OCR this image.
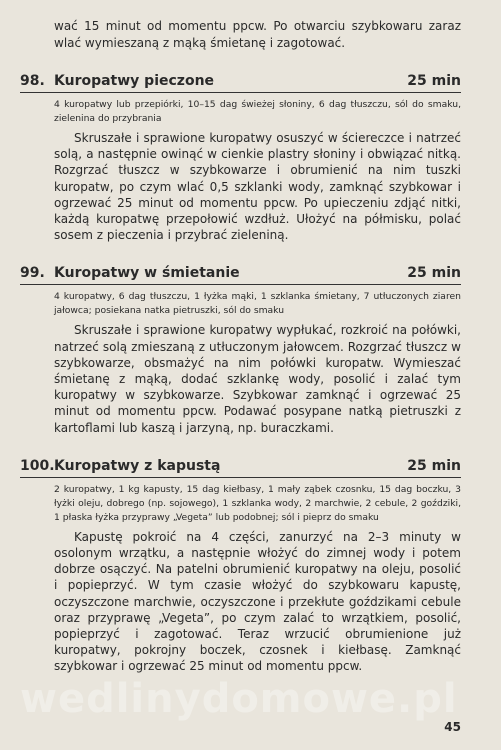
wać 15 minut od momentu ppcw. Po otwarciu szybkowaru zaraz wlać wymieszaną z mąką śmietanę i zagotować.
98. Kuropatwy pieczone	25 min
4 kuropatwy lub przepiórki, 10–15 dag świeżej słoniny, 6 dag tłuszczu, sól do smaku, zielenina do przybrania
Skruszałe i sprawione kuropatwy osuszyć w ściereczce i natrzeć solą, a następnie owinąć w cienkie plastry słoniny i obwiązać nitką. Rozgrzać tłuszcz w szybkowarze i obrumienić na nim tuszki kuropatw, po czym wlać 0,5 szklanki wody, zamknąć szybkowar i ogrzewać 25 minut od momentu ppcw. Po upieczeniu zdjąć nitki, każdą kuropatwę przepołowić wzdłuż. Ułożyć na półmisku, polać sosem z pieczenia i przybrać zieleniną.
99. Kuropatwy w śmietanie	25 min
4 kuropatwy, 6 dag tłuszczu, 1 łyżka mąki, 1 szklanka śmietany, 7 utłuczonych ziaren jałowca; posiekana natka pietruszki, sól do smaku
Skruszałe i sprawione kuropatwy wypłukać, rozkroić na połówki, natrzeć solą zmieszaną z utłuczonym jałowcem. Rozgrzać tłuszcz w szybkowarze, obsmażyć na nim połówki kuropatw. Wymieszać śmietanę z mąką, dodać szklankę wody, posolić i zalać tym kuropatwy w szybkowarze. Szybkowar zamknąć i ogrzewać 25 minut od momentu ppcw. Podawać posypane natką pietruszki z kartoflami lub kaszą i jarzyną, np. buraczkami.
100. Kuropatwy z kapustą	25 min
2 kuropatwy, 1 kg kapusty, 15 dag kiełbasy, 1 mały ząbek czosnku, 15 dag boczku, 3 łyżki oleju, dobrego (np. sojowego), 1 szklanka wody, 2 marchwie, 2 cebule, 2 goździki, 1 płaska łyżka przyprawy „Vegeta” lub podobnej; sól i pieprz do smaku
Kapustę pokroić na 4 części, zanurzyć na 2–3 minuty w osolonym wrzątku, a następnie włożyć do zimnej wody i potem dobrze osączyć. Na patelni obrumienić kuropatwy na oleju, posolić i popieprzyć. W tym czasie włożyć do szybkowaru kapustę, oczyszczone marchwie, oczyszczone i przekłute goździkami cebule oraz przyprawę „Vegeta”, po czym zalać to wrzątkiem, posolić, popieprzyć i zagotować. Teraz wrzucić obrumienione już kuropatwy, pokrojny boczek, czosnek i kiełbasę. Zamknąć szybkowar i ogrzewać 25 minut od momentu ppcw.
wedlinydomowe.pl
45
